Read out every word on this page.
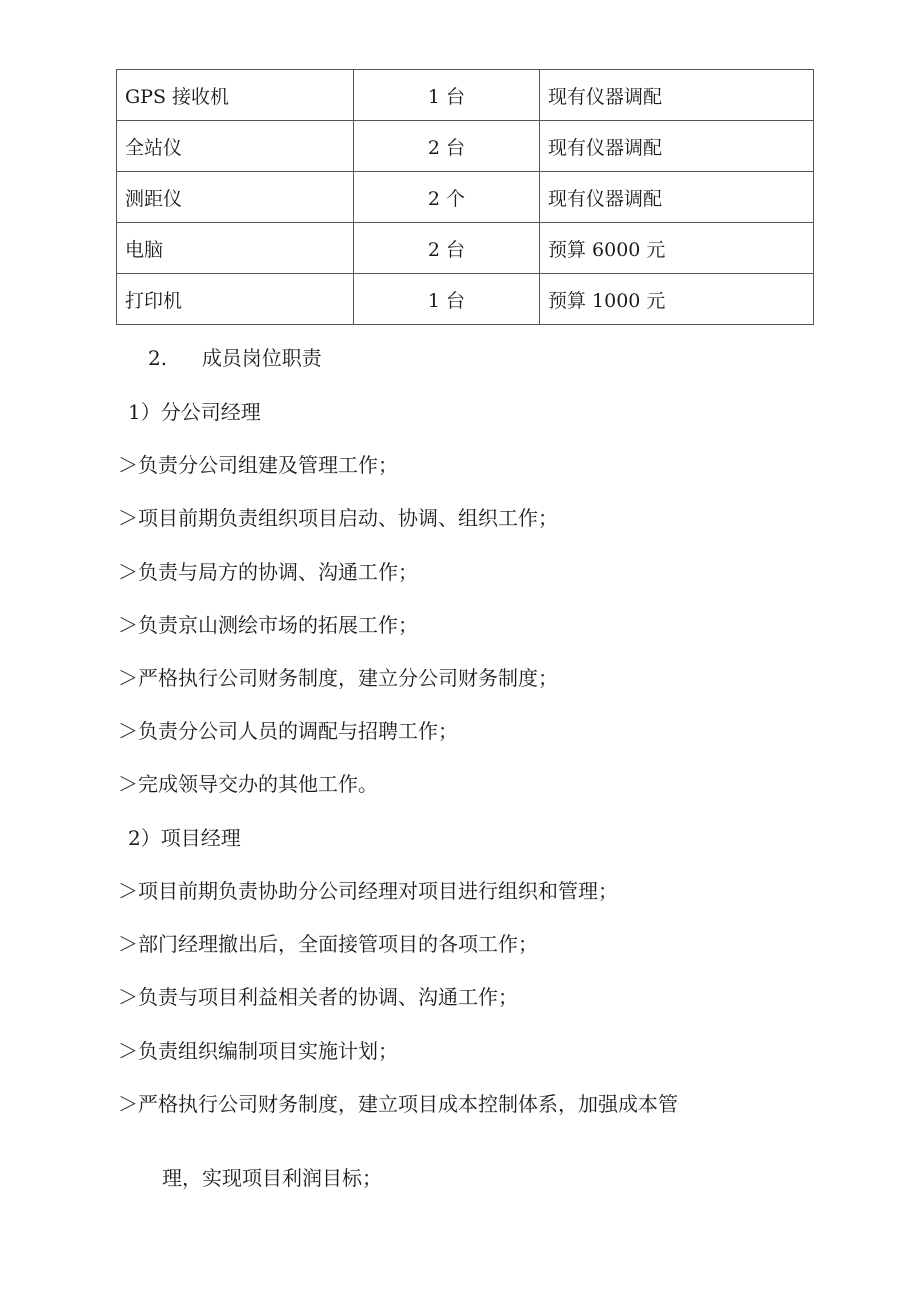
GPS 接收机	1 台	现有仪器调配
全站仪	2 台	现有仪器调配
测距仪	2 个	现有仪器调配
电脑	2 台	预算 6000 元
打印机	1 台	预算 1000 元
2. 成员岗位职责
1）分公司经理
＞负责分公司组建及管理工作；
＞项目前期负责组织项目启动、协调、组织工作；
＞负责与局方的协调、沟通工作；
＞负责京山测绘市场的拓展工作；
＞严格执行公司财务制度，建立分公司财务制度；
＞负责分公司人员的调配与招聘工作；
＞完成领导交办的其他工作。
2）项目经理
＞项目前期负责协助分公司经理对项目进行组织和管理；
＞部门经理撤出后，全面接管项目的各项工作；
＞负责与项目利益相关者的协调、沟通工作；
＞负责组织编制项目实施计划；
＞严格执行公司财务制度，建立项目成本控制体系，加强成本管
理，实现项目利润目标；
